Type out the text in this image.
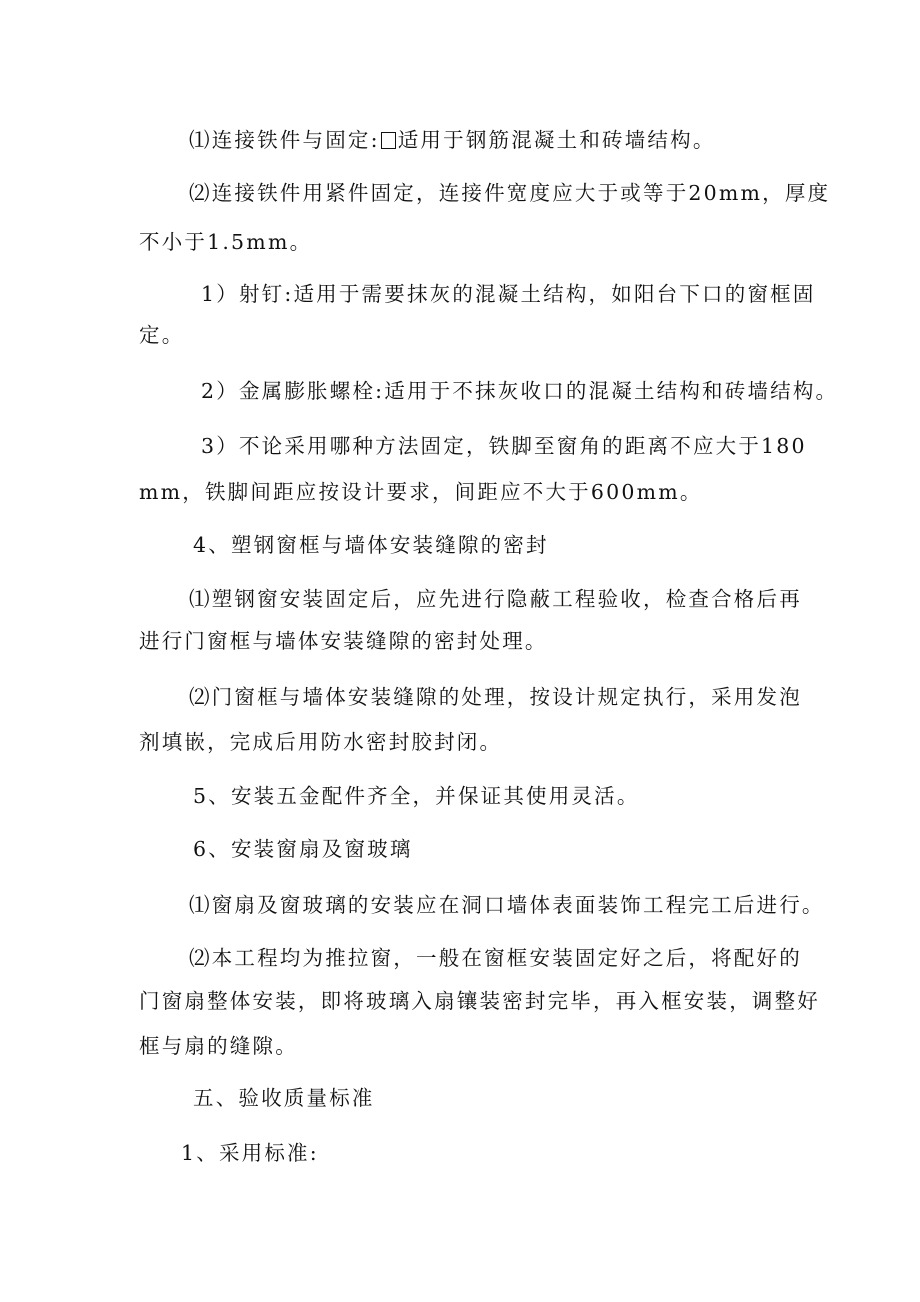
⑴连接铁件与固定: 适用于钢筋混凝土和砖墙结构。
⑵连接铁件用紧件固定，连接件宽度应大于或等于20mm，厚度
不小于1.5mm。
1）射钉:适用于需要抹灰的混凝土结构，如阳台下口的窗框固
定。
2）金属膨胀螺栓:适用于不抹灰收口的混凝土结构和砖墙结构。
3）不论采用哪种方法固定，铁脚至窗角的距离不应大于180
mm，铁脚间距应按设计要求，间距应不大于600mm。
4、塑钢窗框与墙体安装缝隙的密封
⑴塑钢窗安装固定后，应先进行隐蔽工程验收，检查合格后再
进行门窗框与墙体安装缝隙的密封处理。
⑵门窗框与墙体安装缝隙的处理，按设计规定执行，采用发泡
剂填嵌，完成后用防水密封胶封闭。
5、安装五金配件齐全，并保证其使用灵活。
6、安装窗扇及窗玻璃
⑴窗扇及窗玻璃的安装应在洞口墙体表面装饰工程完工后进行。
⑵本工程均为推拉窗，一般在窗框安装固定好之后，将配好的
门窗扇整体安装，即将玻璃入扇镶装密封完毕，再入框安装，调整好
框与扇的缝隙。
五、验收质量标准
1、采用标准:
